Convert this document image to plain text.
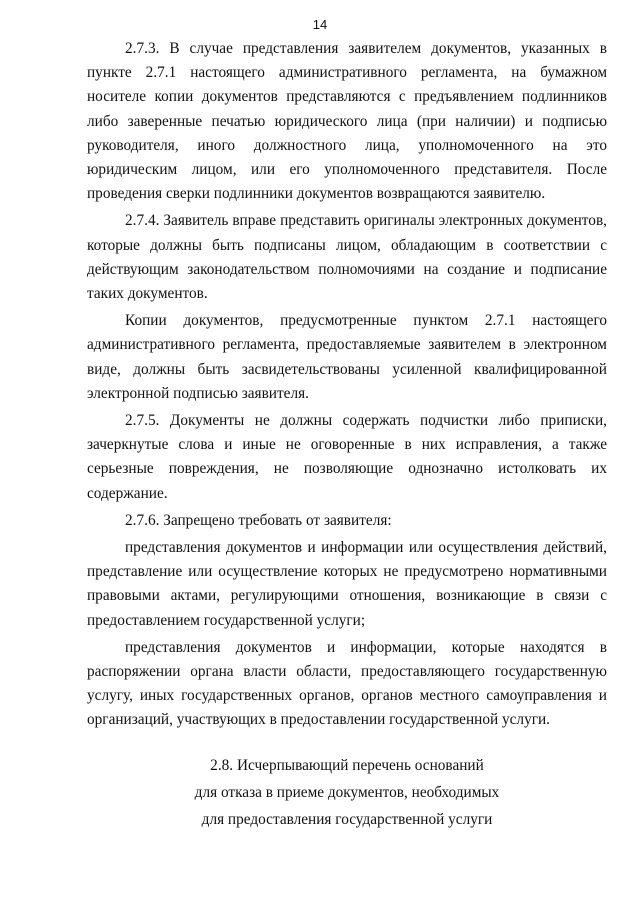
14

2.7.3. В случае представления заявителем документов, указанных в пункте 2.7.1 настоящего административного регламента, на бумажном носителе копии документов представляются с предъявлением подлинников либо заверенные печатью юридического лица (при наличии) и подписью руководителя, иного должностного лица, уполномоченного на это юридическим лицом, или его уполномоченного представителя. После проведения сверки подлинники документов возвращаются заявителю.

2.7.4. Заявитель вправе представить оригиналы электронных документов, которые должны быть подписаны лицом, обладающим в соответствии с действующим законодательством полномочиями на создание и подписание таких документов.

Копии документов, предусмотренные пунктом 2.7.1 настоящего административного регламента, предоставляемые заявителем в электронном виде, должны быть засвидетельствованы усиленной квалифицированной электронной подписью заявителя.

2.7.5. Документы не должны содержать подчистки либо приписки, зачеркнутые слова и иные не оговоренные в них исправления, а также серьезные повреждения, не позволяющие однозначно истолковать их содержание.

2.7.6. Запрещено требовать от заявителя:

представления документов и информации или осуществления действий, представление или осуществление которых не предусмотрено нормативными правовыми актами, регулирующими отношения, возникающие в связи с предоставлением государственной услуги;

представления документов и информации, которые находятся в распоряжении органа власти области, предоставляющего государственную услугу, иных государственных органов, органов местного самоуправления и организаций, участвующих в предоставлении государственной услуги.

2.8. Исчерпывающий перечень оснований
для отказа в приеме документов, необходимых
для предоставления государственной услуги
